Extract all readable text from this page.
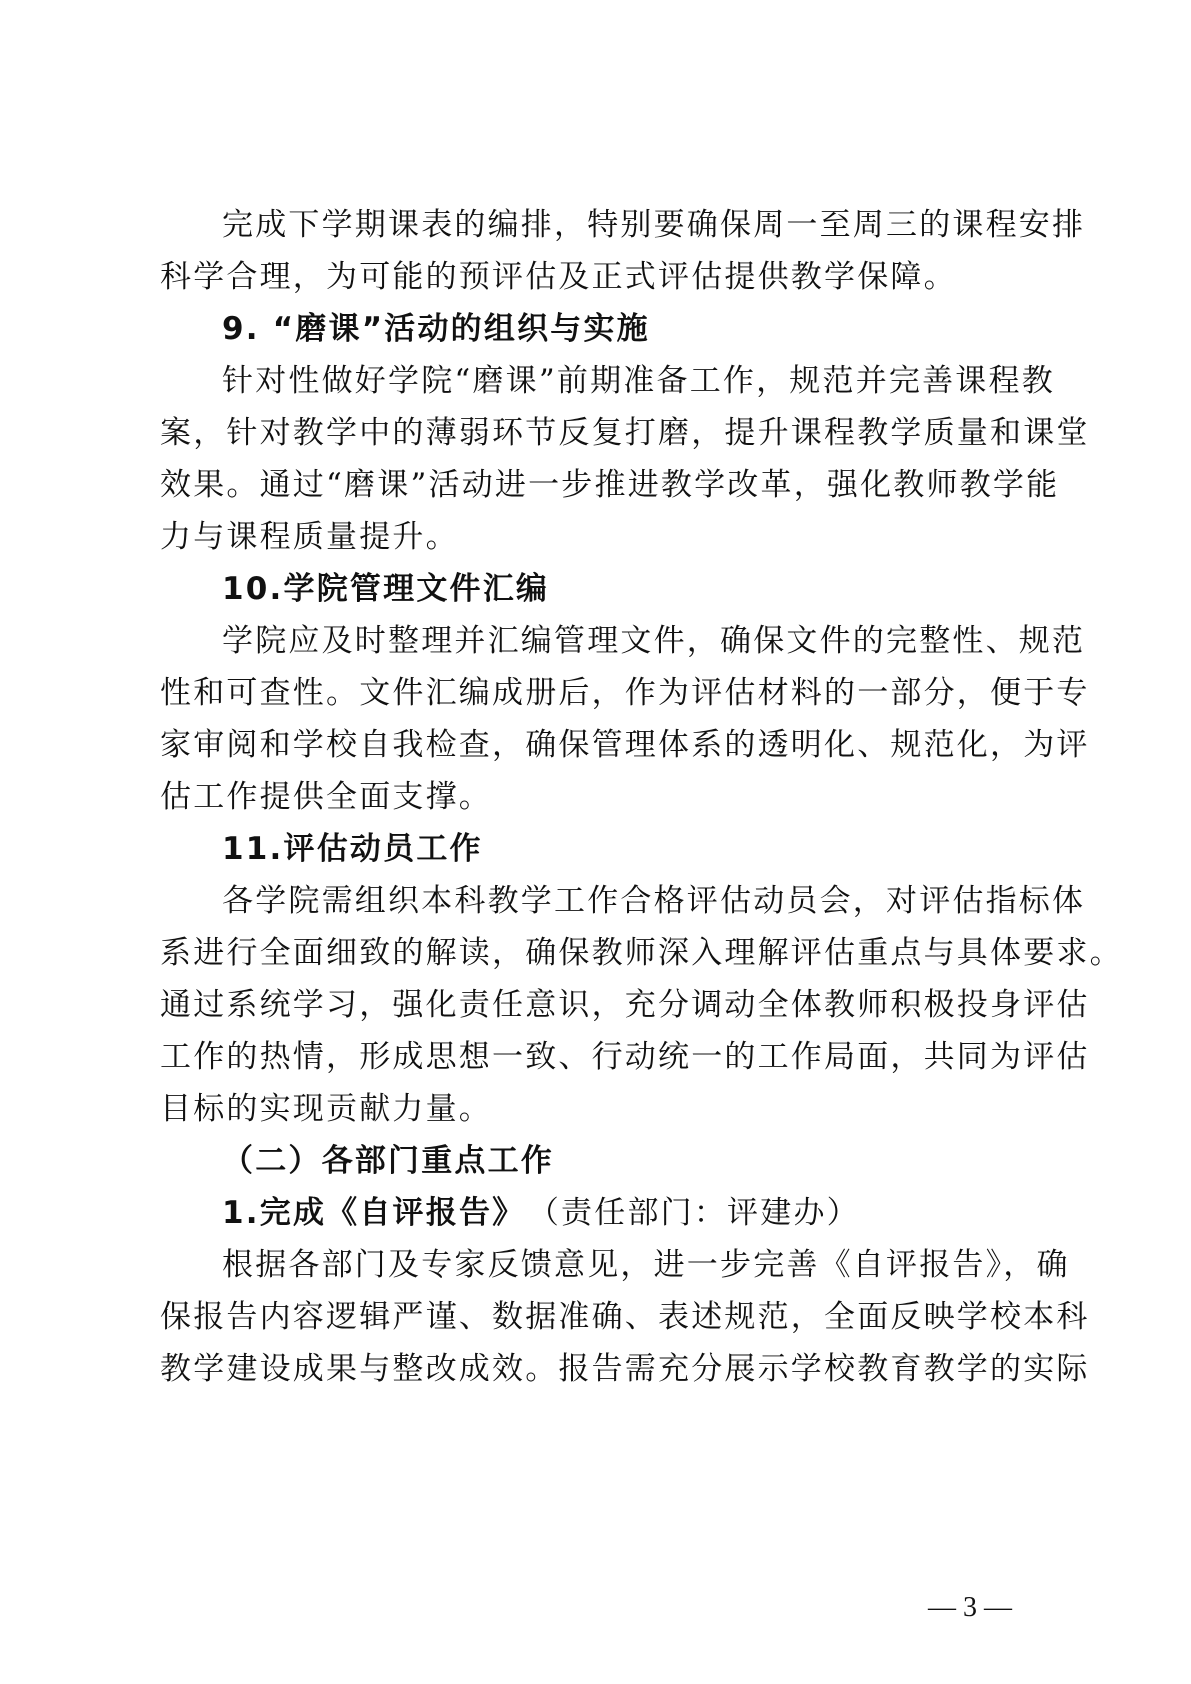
完成下学期课表的编排，特别要确保周一至周三的课程安排
科学合理，为可能的预评估及正式评估提供教学保障。
9. “磨课”活动的组织与实施
针对性做好学院“磨课”前期准备工作，规范并完善课程教
案，针对教学中的薄弱环节反复打磨，提升课程教学质量和课堂
效果。通过“磨课”活动进一步推进教学改革，强化教师教学能
力与课程质量提升。
10.学院管理文件汇编
学院应及时整理并汇编管理文件，确保文件的完整性、规范
性和可查性。文件汇编成册后，作为评估材料的一部分，便于专
家审阅和学校自我检查，确保管理体系的透明化、规范化，为评
估工作提供全面支撑。
11.评估动员工作
各学院需组织本科教学工作合格评估动员会，对评估指标体
系进行全面细致的解读，确保教师深入理解评估重点与具体要求。
通过系统学习，强化责任意识，充分调动全体教师积极投身评估
工作的热情，形成思想一致、行动统一的工作局面，共同为评估
目标的实现贡献力量。
（二）各部门重点工作
1.完成《自评报告》 （责任部门：评建办）
根据各部门及专家反馈意见，进一步完善《自评报告》，确
保报告内容逻辑严谨、数据准确、表述规范，全面反映学校本科
教学建设成果与整改成效。报告需充分展示学校教育教学的实际
— 3 —
